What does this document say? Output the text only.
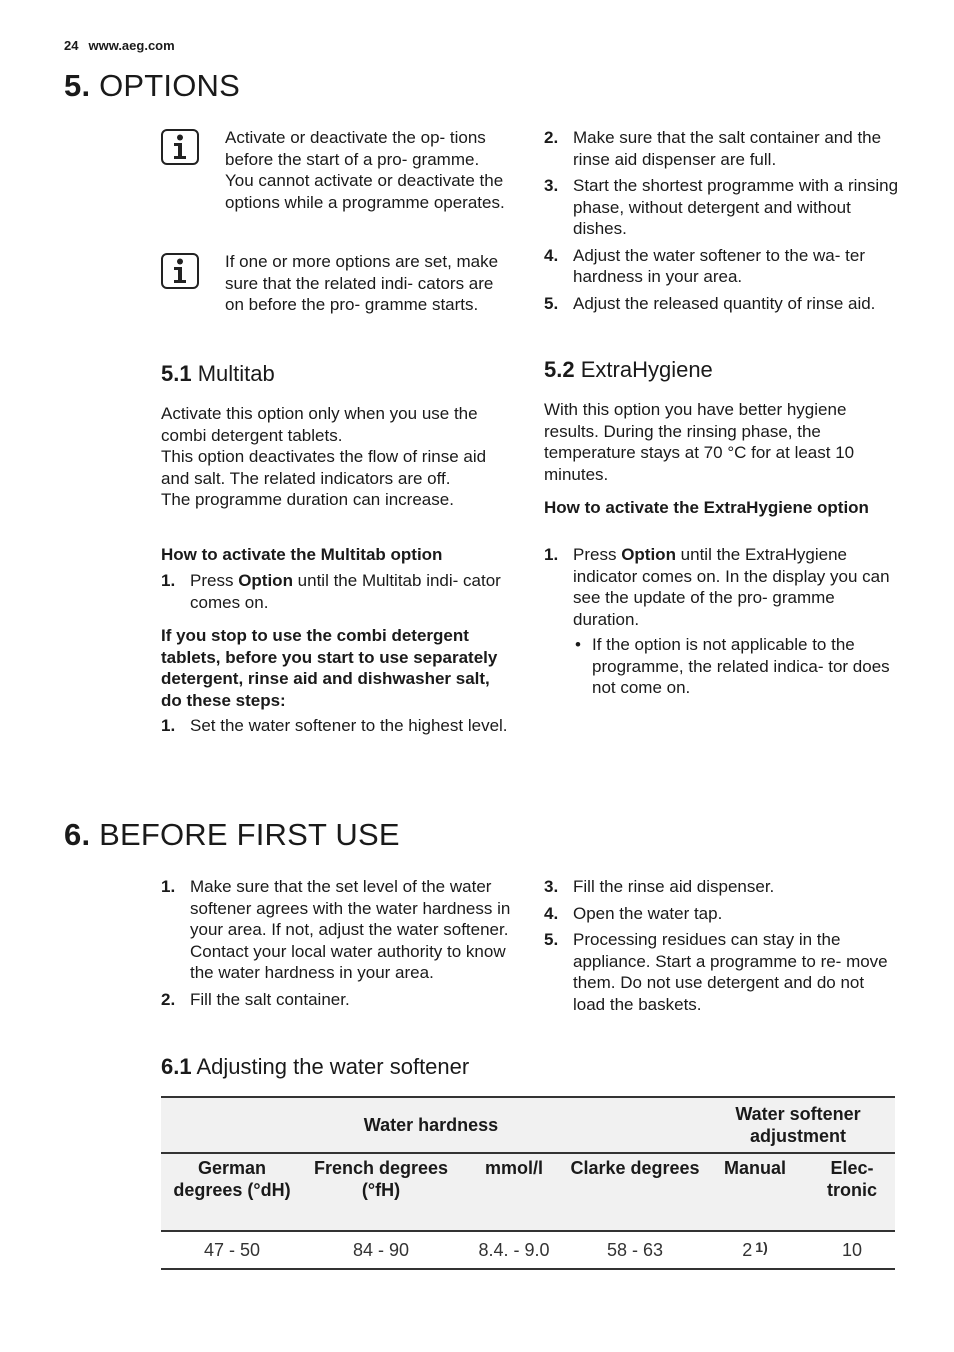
24 www.aeg.com
5. OPTIONS
Activate or deactivate the op- tions before the start of a pro- gramme. You cannot activate or deactivate the options while a programme operates.
If one or more options are set, make sure that the related indi- cators are on before the pro- gramme starts.
2. Make sure that the salt container and the rinse aid dispenser are full.
3. Start the shortest programme with a rinsing phase, without detergent and without dishes.
4. Adjust the water softener to the wa- ter hardness in your area.
5. Adjust the released quantity of rinse aid.
5.1 Multitab
Activate this option only when you use the combi detergent tablets.
This option deactivates the flow of rinse aid and salt. The related indicators are off.
The programme duration can increase.
How to activate the Multitab option
1. Press Option until the Multitab indi- cator comes on.
If you stop to use the combi detergent tablets, before you start to use separately detergent, rinse aid and dishwasher salt, do these steps:
1. Set the water softener to the highest level.
5.2 ExtraHygiene
With this option you have better hygiene results. During the rinsing phase, the temperature stays at 70 °C for at least 10 minutes.
How to activate the ExtraHygiene option
1. Press Option until the ExtraHygiene indicator comes on. In the display you can see the update of the pro- gramme duration.
• If the option is not applicable to the programme, the related indica- tor does not come on.
6. BEFORE FIRST USE
1. Make sure that the set level of the water softener agrees with the water hardness in your area. If not, adjust the water softener. Contact your local water authority to know the water hardness in your area.
2. Fill the salt container.
3. Fill the rinse aid dispenser.
4. Open the water tap.
5. Processing residues can stay in the appliance. Start a programme to re- move them. Do not use detergent and do not load the baskets.
6.1 Adjusting the water softener
Water hardness				Water softener adjustment	
German degrees (°dH)	French degrees (°fH)	mmol/l	Clarke degrees	Manual	Elec- tronic
47 - 50	84 - 90	8.4. - 9.0	58 - 63	2 $^{1)}$	10
